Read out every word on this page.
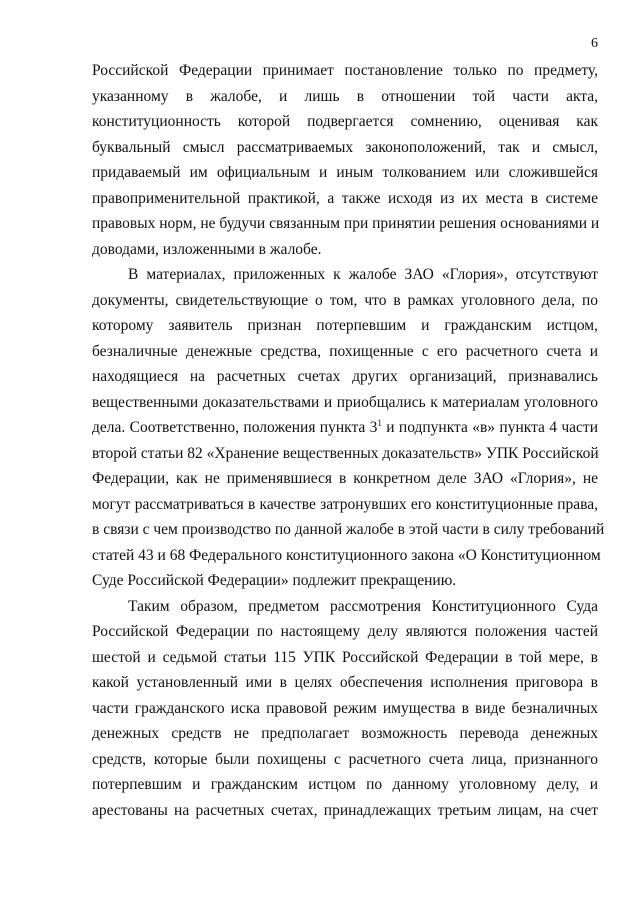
6
Российской Федерации принимает постановление только по предмету,
указанному в жалобе, и лишь в отношении той части акта,
конституционность которой подвергается сомнению, оценивая как
буквальный смысл рассматриваемых законоположений, так и смысл,
придаваемый им официальным и иным толкованием или сложившейся
правоприменительной практикой, а также исходя из их места в системе
правовых норм, не будучи связанным при принятии решения основаниями и
доводами, изложенными в жалобе.
В материалах, приложенных к жалобе ЗАО «Глория», отсутствуют
документы, свидетельствующие о том, что в рамках уголовного дела, по
которому заявитель признан потерпевшим и гражданским истцом,
безналичные денежные средства, похищенные с его расчетного счета и
находящиеся на расчетных счетах других организаций, признавались
вещественными доказательствами и приобщались к материалам уголовного
дела. Соответственно, положения пункта $3^1$ и подпункта «в» пункта 4 части
второй статьи 82 «Хранение вещественных доказательств» УПК Российской
Федерации, как не применявшиеся в конкретном деле ЗАО «Глория», не
могут рассматриваться в качестве затронувших его конституционные права,
в связи с чем производство по данной жалобе в этой части в силу требований
статей 43 и 68 Федерального конституционного закона «О Конституционном
Суде Российской Федерации» подлежит прекращению.
Таким образом, предметом рассмотрения Конституционного Суда
Российской Федерации по настоящему делу являются положения частей
шестой и седьмой статьи 115 УПК Российской Федерации в той мере, в
какой установленный ими в целях обеспечения исполнения приговора в
части гражданского иска правовой режим имущества в виде безналичных
денежных средств не предполагает возможность перевода денежных
средств, которые были похищены с расчетного счета лица, признанного
потерпевшим и гражданским истцом по данному уголовному делу, и
арестованы на расчетных счетах, принадлежащих третьим лицам, на счет
